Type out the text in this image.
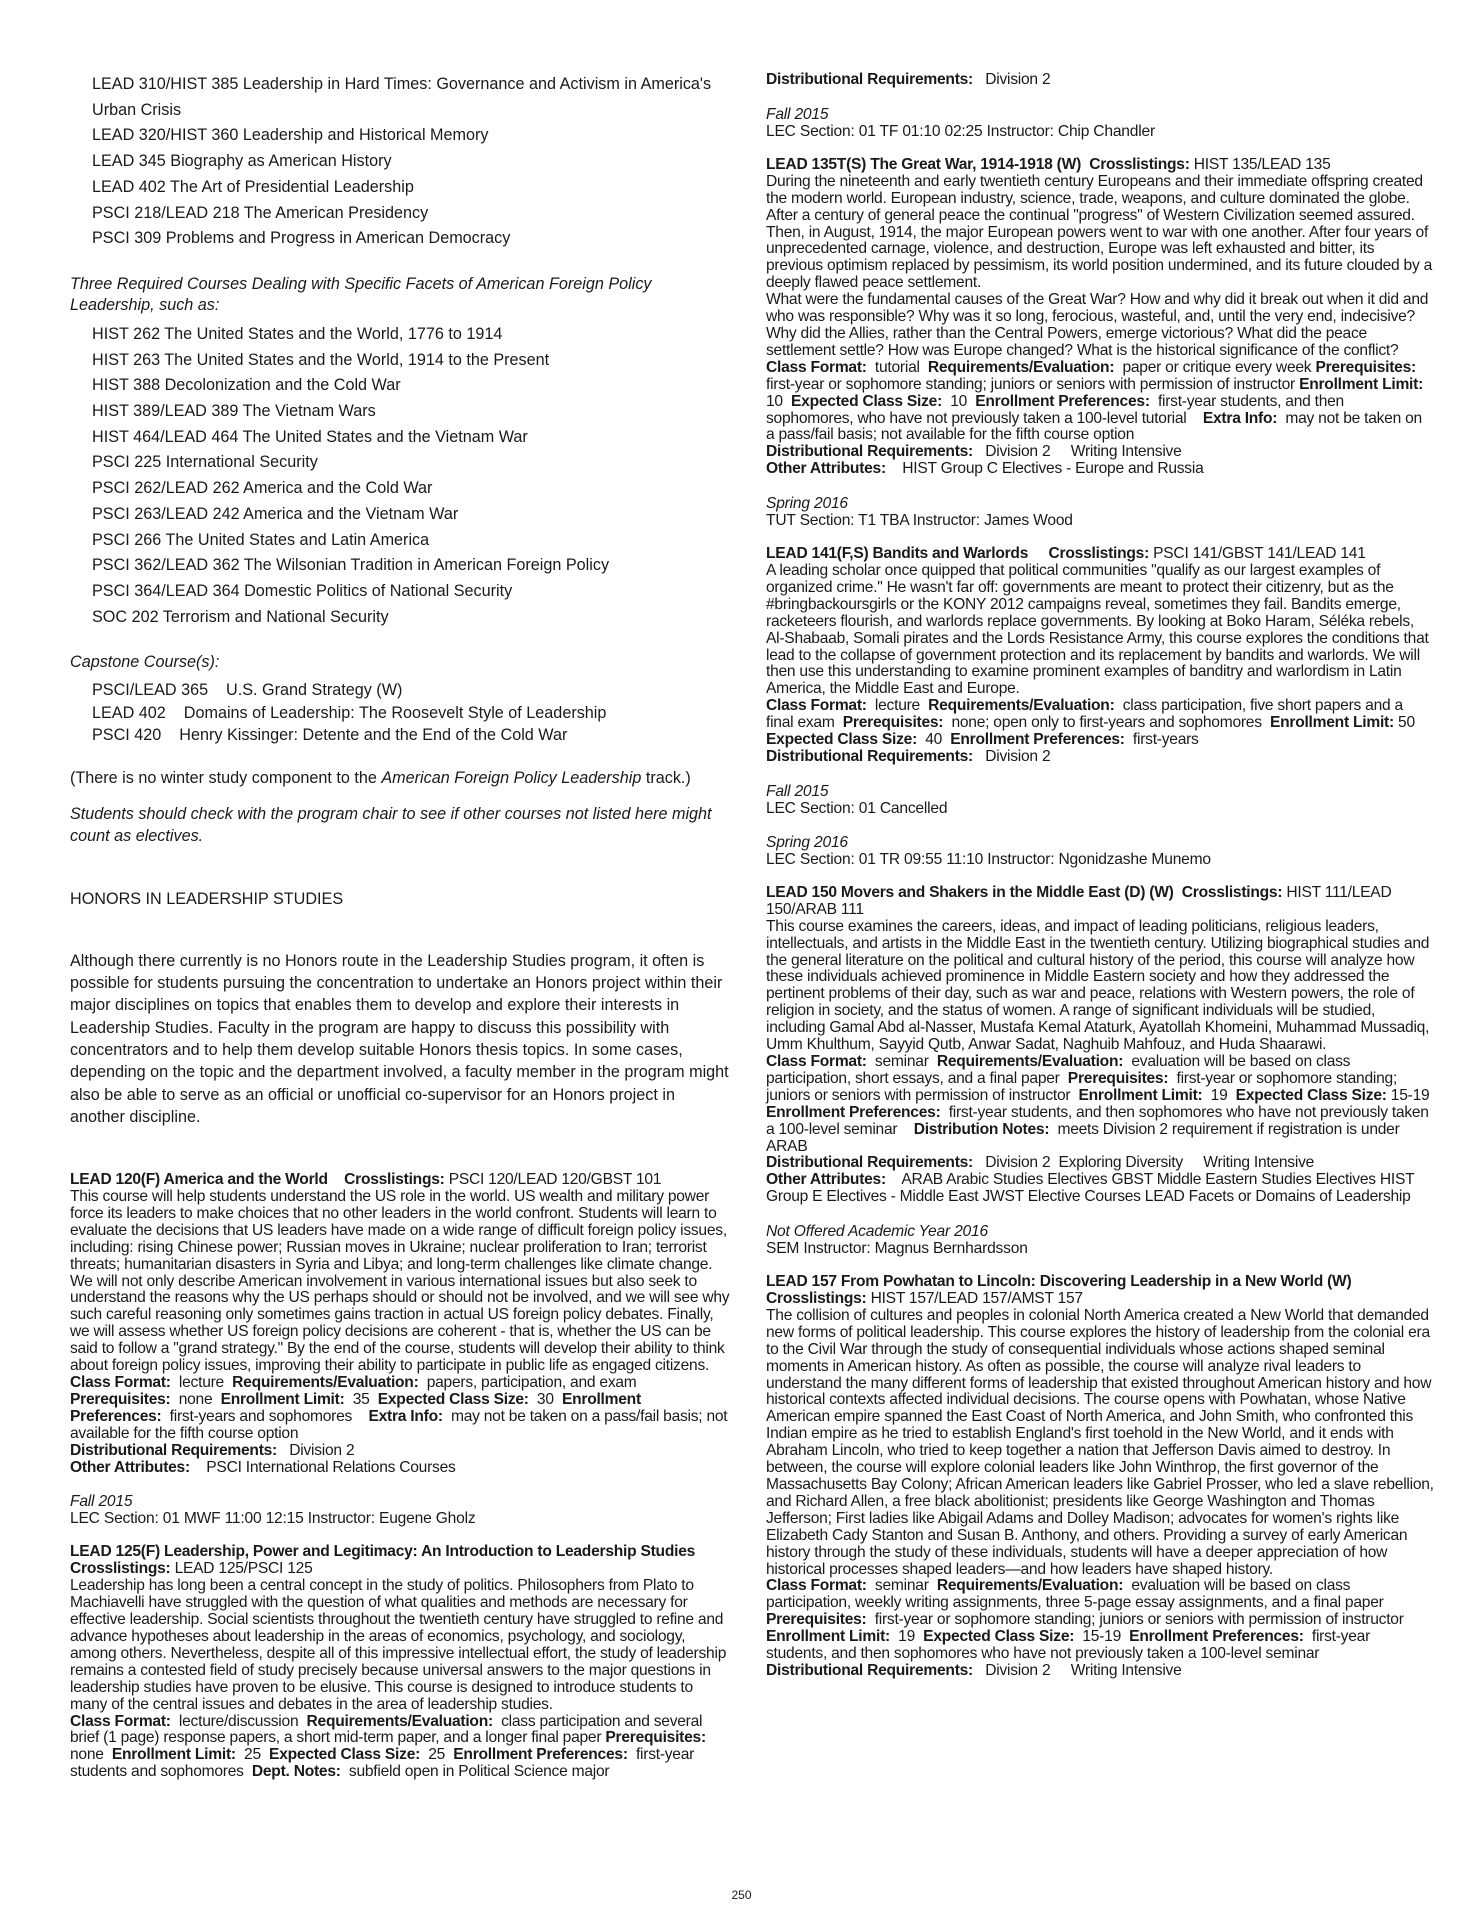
LEAD 310/HIST 385 Leadership in Hard Times: Governance and Activism in America's Urban Crisis
LEAD 320/HIST 360 Leadership and Historical Memory
LEAD 345 Biography as American History
LEAD 402 The Art of Presidential Leadership
PSCI 218/LEAD 218 The American Presidency
PSCI 309 Problems and Progress in American Democracy

Three Required Courses Dealing with Specific Facets of American Foreign Policy Leadership, such as:

HIST 262 The United States and the World, 1776 to 1914
HIST 263 The United States and the World, 1914 to the Present
HIST 388 Decolonization and the Cold War
HIST 389/LEAD 389 The Vietnam Wars
HIST 464/LEAD 464 The United States and the Vietnam War
PSCI 225 International Security
PSCI 262/LEAD 262 America and the Cold War
PSCI 263/LEAD 242 America and the Vietnam War
PSCI 266 The United States and Latin America
PSCI 362/LEAD 362 The Wilsonian Tradition in American Foreign Policy
PSCI 364/LEAD 364 Domestic Politics of National Security
SOC 202 Terrorism and National Security

Capstone Course(s):

PSCI/LEAD 365    U.S. Grand Strategy (W)
LEAD 402    Domains of Leadership: The Roosevelt Style of Leadership
PSCI 420    Henry Kissinger: Detente and the End of the Cold War

(There is no winter study component to the American Foreign Policy Leadership track.)

Students should check with the program chair to see if other courses not listed here might count as electives.

HONORS IN LEADERSHIP STUDIES

Although there currently is no Honors route in the Leadership Studies program, it often is possible for students pursuing the concentration to undertake an Honors project within their major disciplines on topics that enables them to develop and explore their interests in Leadership Studies. Faculty in the program are happy to discuss this possibility with concentrators and to help them develop suitable Honors thesis topics. In some cases, depending on the topic and the department involved, a faculty member in the program might also be able to serve as an official or unofficial co-supervisor for an Honors project in another discipline.

LEAD 120(F) America and the World Crosslistings: PSCI 120/LEAD 120/GBST 101

This course will help students understand the US role in the world. US wealth and military power force its leaders to make choices that no other leaders in the world confront. Students will learn to evaluate the decisions that US leaders have made on a wide range of difficult foreign policy issues, including: rising Chinese power; Russian moves in Ukraine; nuclear proliferation to Iran; terrorist threats; humanitarian disasters in Syria and Libya; and long-term challenges like climate change.

We will not only describe American involvement in various international issues but also seek to understand the reasons why the US perhaps should or should not be involved, and we will see why such careful reasoning only sometimes gains traction in actual US foreign policy debates. Finally, we will assess whether US foreign policy decisions are coherent - that is, whether the US can be said to follow a "grand strategy." By the end of the course, students will develop their ability to think about foreign policy issues, improving their ability to participate in public life as engaged citizens.

Class Format: lecture Requirements/Evaluation: papers, participation, and exam Prerequisites: none Enrollment Limit: 35 Expected Class Size: 30 Enrollment Preferences: first-years and sophomores Extra Info: may not be taken on a pass/fail basis; not available for the fifth course option

Distributional Requirements: Division 2

Other Attributes: PSCI International Relations Courses

Fall 2015

LEC Section: 01 MWF 11:00 12:15 Instructor: Eugene Gholz

LEAD 125(F) Leadership, Power and Legitimacy: An Introduction to Leadership Studies

Crosslistings: LEAD 125/PSCI 125

Leadership has long been a central concept in the study of politics. Philosophers from Plato to Machiavelli have struggled with the question of what qualities and methods are necessary for effective leadership. Social scientists throughout the twentieth century have struggled to refine and advance hypotheses about leadership in the areas of economics, psychology, and sociology, among others. Nevertheless, despite all of this impressive intellectual effort, the study of leadership remains a contested field of study precisely because universal answers to the major questions in leadership studies have proven to be elusive. This course is designed to introduce students to many of the central issues and debates in the area of leadership studies.

Class Format: lecture/discussion Requirements/Evaluation: class participation and several brief (1 page) response papers, a short mid-term paper, and a longer final paper Prerequisites:  none Enrollment Limit: 25 Expected Class Size: 25 Enrollment Preferences: first-year students and sophomores Dept. Notes: subfield open in Political Science major

Distributional Requirements: Division 2

Fall 2015

LEC Section: 01 TF 01:10 02:25 Instructor: Chip Chandler

LEAD 135T(S) The Great War, 1914-1918 (W) Crosslistings: HIST 135/LEAD 135

During the nineteenth and early twentieth century Europeans and their immediate offspring created the modern world. European industry, science, trade, weapons, and culture dominated the globe. After a century of general peace the continual "progress" of Western Civilization seemed assured. Then, in August, 1914, the major European powers went to war with one another. After four years of unprecedented carnage, violence, and destruction, Europe was left exhausted and bitter, its previous optimism replaced by pessimism, its world position undermined, and its future clouded by a deeply flawed peace settlement.

What were the fundamental causes of the Great War? How and why did it break out when it did and who was responsible? Why was it so long, ferocious, wasteful, and, until the very end, indecisive? Why did the Allies, rather than the Central Powers, emerge victorious? What did the peace settlement settle? How was Europe changed? What is the historical significance of the conflict?

Class Format: tutorial Requirements/Evaluation: paper or critique every week Prerequisites:  first-year or sophomore standing; juniors or seniors with permission of instructor Enrollment Limit:  10 Expected Class Size: 10 Enrollment Preferences: first-year students, and then sophomores, who have not previously taken a 100-level tutorial Extra Info: may not be taken on a pass/fail basis; not available for the fifth course option

Distributional Requirements: Division 2     Writing Intensive

Other Attributes: HIST Group C Electives - Europe and Russia

Spring 2016

TUT Section: T1 TBA Instructor: James Wood

LEAD 141(F,S) Bandits and Warlords Crosslistings: PSCI 141/GBST 141/LEAD 141

A leading scholar once quipped that political communities "qualify as our largest examples of organized crime." He wasn't far off: governments are meant to protect their citizenry, but as the #bringbackoursgirls or the KONY 2012 campaigns reveal, sometimes they fail. Bandits emerge, racketeers flourish, and warlords replace governments. By looking at Boko Haram, Séléka rebels, Al-Shabaab, Somali pirates and the Lords Resistance Army, this course explores the conditions that lead to the collapse of government protection and its replacement by bandits and warlords. We will then use this understanding to examine prominent examples of banditry and warlordism in Latin America, the Middle East and Europe.

Class Format: lecture Requirements/Evaluation: class participation, five short papers and a final exam Prerequisites: none; open only to first-years and sophomores Enrollment Limit: 50  Expected Class Size: 40 Enrollment Preferences: first-years

Distributional Requirements: Division 2

Fall 2015

LEC Section: 01 Cancelled

Spring 2016

LEC Section: 01 TR 09:55 11:10 Instructor: Ngonidzashe Munemo

LEAD 150 Movers and Shakers in the Middle East (D) (W) Crosslistings: HIST 111/LEAD 150/ARAB 111

This course examines the careers, ideas, and impact of leading politicians, religious leaders, intellectuals, and artists in the Middle East in the twentieth century. Utilizing biographical studies and the general literature on the political and cultural history of the period, this course will analyze how these individuals achieved prominence in Middle Eastern society and how they addressed the pertinent problems of their day, such as war and peace, relations with Western powers, the role of religion in society, and the status of women. A range of significant individuals will be studied, including Gamal Abd al-Nasser, Mustafa Kemal Ataturk, Ayatollah Khomeini, Muhammad Mussadiq, Umm Khulthum, Sayyid Qutb, Anwar Sadat, Naghuib Mahfouz, and Huda Shaarawi.

Class Format: seminar Requirements/Evaluation: evaluation will be based on class participation, short essays, and a final paper Prerequisites: first-year or sophomore standing; juniors or seniors with permission of instructor Enrollment Limit: 19 Expected Class Size: 15-19  Enrollment Preferences: first-year students, and then sophomores who have not previously taken a 100-level seminar Distribution Notes: meets Division 2 requirement if registration is under ARAB

Distributional Requirements: Division 2  Exploring Diversity     Writing Intensive

Other Attributes: ARAB Arabic Studies Electives GBST Middle Eastern Studies Electives HIST Group E Electives - Middle East JWST Elective Courses LEAD Facets or Domains of Leadership

Not Offered Academic Year 2016

SEM Instructor: Magnus Bernhardsson

LEAD 157 From Powhatan to Lincoln: Discovering Leadership in a New World (W)

Crosslistings: HIST 157/LEAD 157/AMST 157

The collision of cultures and peoples in colonial North America created a New World that demanded new forms of political leadership. This course explores the history of leadership from the colonial era to the Civil War through the study of consequential individuals whose actions shaped seminal moments in American history. As often as possible, the course will analyze rival leaders to understand the many different forms of leadership that existed throughout American history and how historical contexts affected individual decisions. The course opens with Powhatan, whose Native American empire spanned the East Coast of North America, and John Smith, who confronted this Indian empire as he tried to establish England's first toehold in the New World, and it ends with Abraham Lincoln, who tried to keep together a nation that Jefferson Davis aimed to destroy. In between, the course will explore colonial leaders like John Winthrop, the first governor of the Massachusetts Bay Colony; African American leaders like Gabriel Prosser, who led a slave rebellion, and Richard Allen, a free black abolitionist; presidents like George Washington and Thomas Jefferson; First ladies like Abigail Adams and Dolley Madison; advocates for women's rights like Elizabeth Cady Stanton and Susan B. Anthony, and others. Providing a survey of early American history through the study of these individuals, students will have a deeper appreciation of how historical processes shaped leaders—and how leaders have shaped history.

Class Format: seminar Requirements/Evaluation: evaluation will be based on class participation, weekly writing assignments, three 5-page essay assignments, and a final paper Prerequisites: first-year or sophomore standing; juniors or seniors with permission of instructor Enrollment Limit: 19 Expected Class Size: 15-19 Enrollment Preferences: first-year students, and then sophomores who have not previously taken a 100-level seminar

Distributional Requirements: Division 2     Writing Intensive

250
